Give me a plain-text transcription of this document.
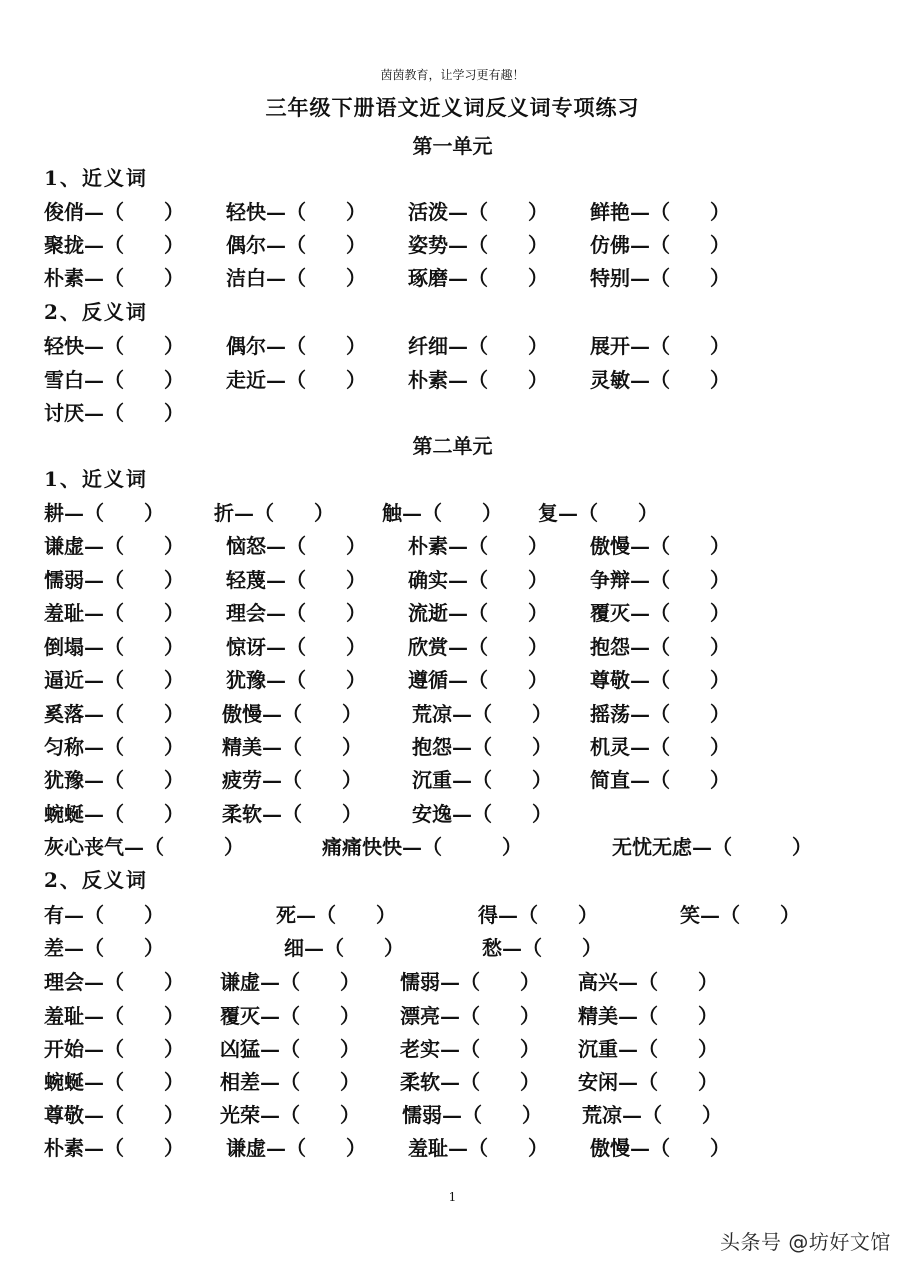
茵茵教育，让学习更有趣！
三年级下册语文近义词反义词专项练习
第一单元
1、近义词
俊俏—（　　） 轻快—（　　） 活泼—（　　） 鲜艳—（　　）
聚拢—（　　） 偶尔—（　　） 姿势—（　　） 仿佛—（　　）
朴素—（　　） 洁白—（　　） 琢磨—（　　） 特别—（　　）
2、反义词
轻快—（　　） 偶尔—（　　） 纤细—（　　） 展开—（　　）
雪白—（　　） 走近—（　　） 朴素—（　　） 灵敏—（　　）
讨厌—（　　）
第二单元
1、近义词
耕—（　　）	折—（　　） 触—（　　） 复—（　　）
谦虚—（　　） 恼怒—（　　） 朴素—（　　） 傲慢—（　　）
懦弱—（　　） 轻蔑—（　　） 确实—（　　） 争辩—（　　）
羞耻—（　　） 理会—（　　） 流逝—（　　） 覆灭—（　　）
倒塌—（　　） 惊讶—（　　） 欣赏—（　　） 抱怨—（　　）
逼近—（　　） 犹豫—（　　） 遵循—（　　） 尊敬—（　　）
奚落—（　　） 傲慢—（　　）	荒凉—（　　） 摇荡—（　　）
匀称—（　　） 精美—（　　）	抱怨—（　　） 机灵—（　　）
犹豫—（　　） 疲劳—（　　）	沉重—（　　） 简直—（　　）
蜿蜒—（　　） 柔软—（　　）	安逸—（　　）
灰心丧气—（　　　）	痛痛快快—（　　　）	无忧无虑—（　　　）
2、反义词
有—（　　）	死—（　　）	得—（　　）	笑—（　　）
差—（　　）	细—（　　）	愁—（　　）
理会—（　　） 谦虚—（　　） 懦弱—（　　） 高兴—（　　）
羞耻—（　　） 覆灭—（　　） 漂亮—（　　） 精美—（　　）
开始—（　　） 凶猛—（　　） 老实—（　　） 沉重—（　　）
蜿蜒—（　　） 相差—（　　） 柔软—（　　） 安闲—（　　）
尊敬—（　　） 光荣—（　　） 懦弱—（　　） 荒凉—（　　）
朴素—（　　） 谦虚—（　　） 羞耻—（　　） 傲慢—（　　）
1
头条号 @坊好文馆
